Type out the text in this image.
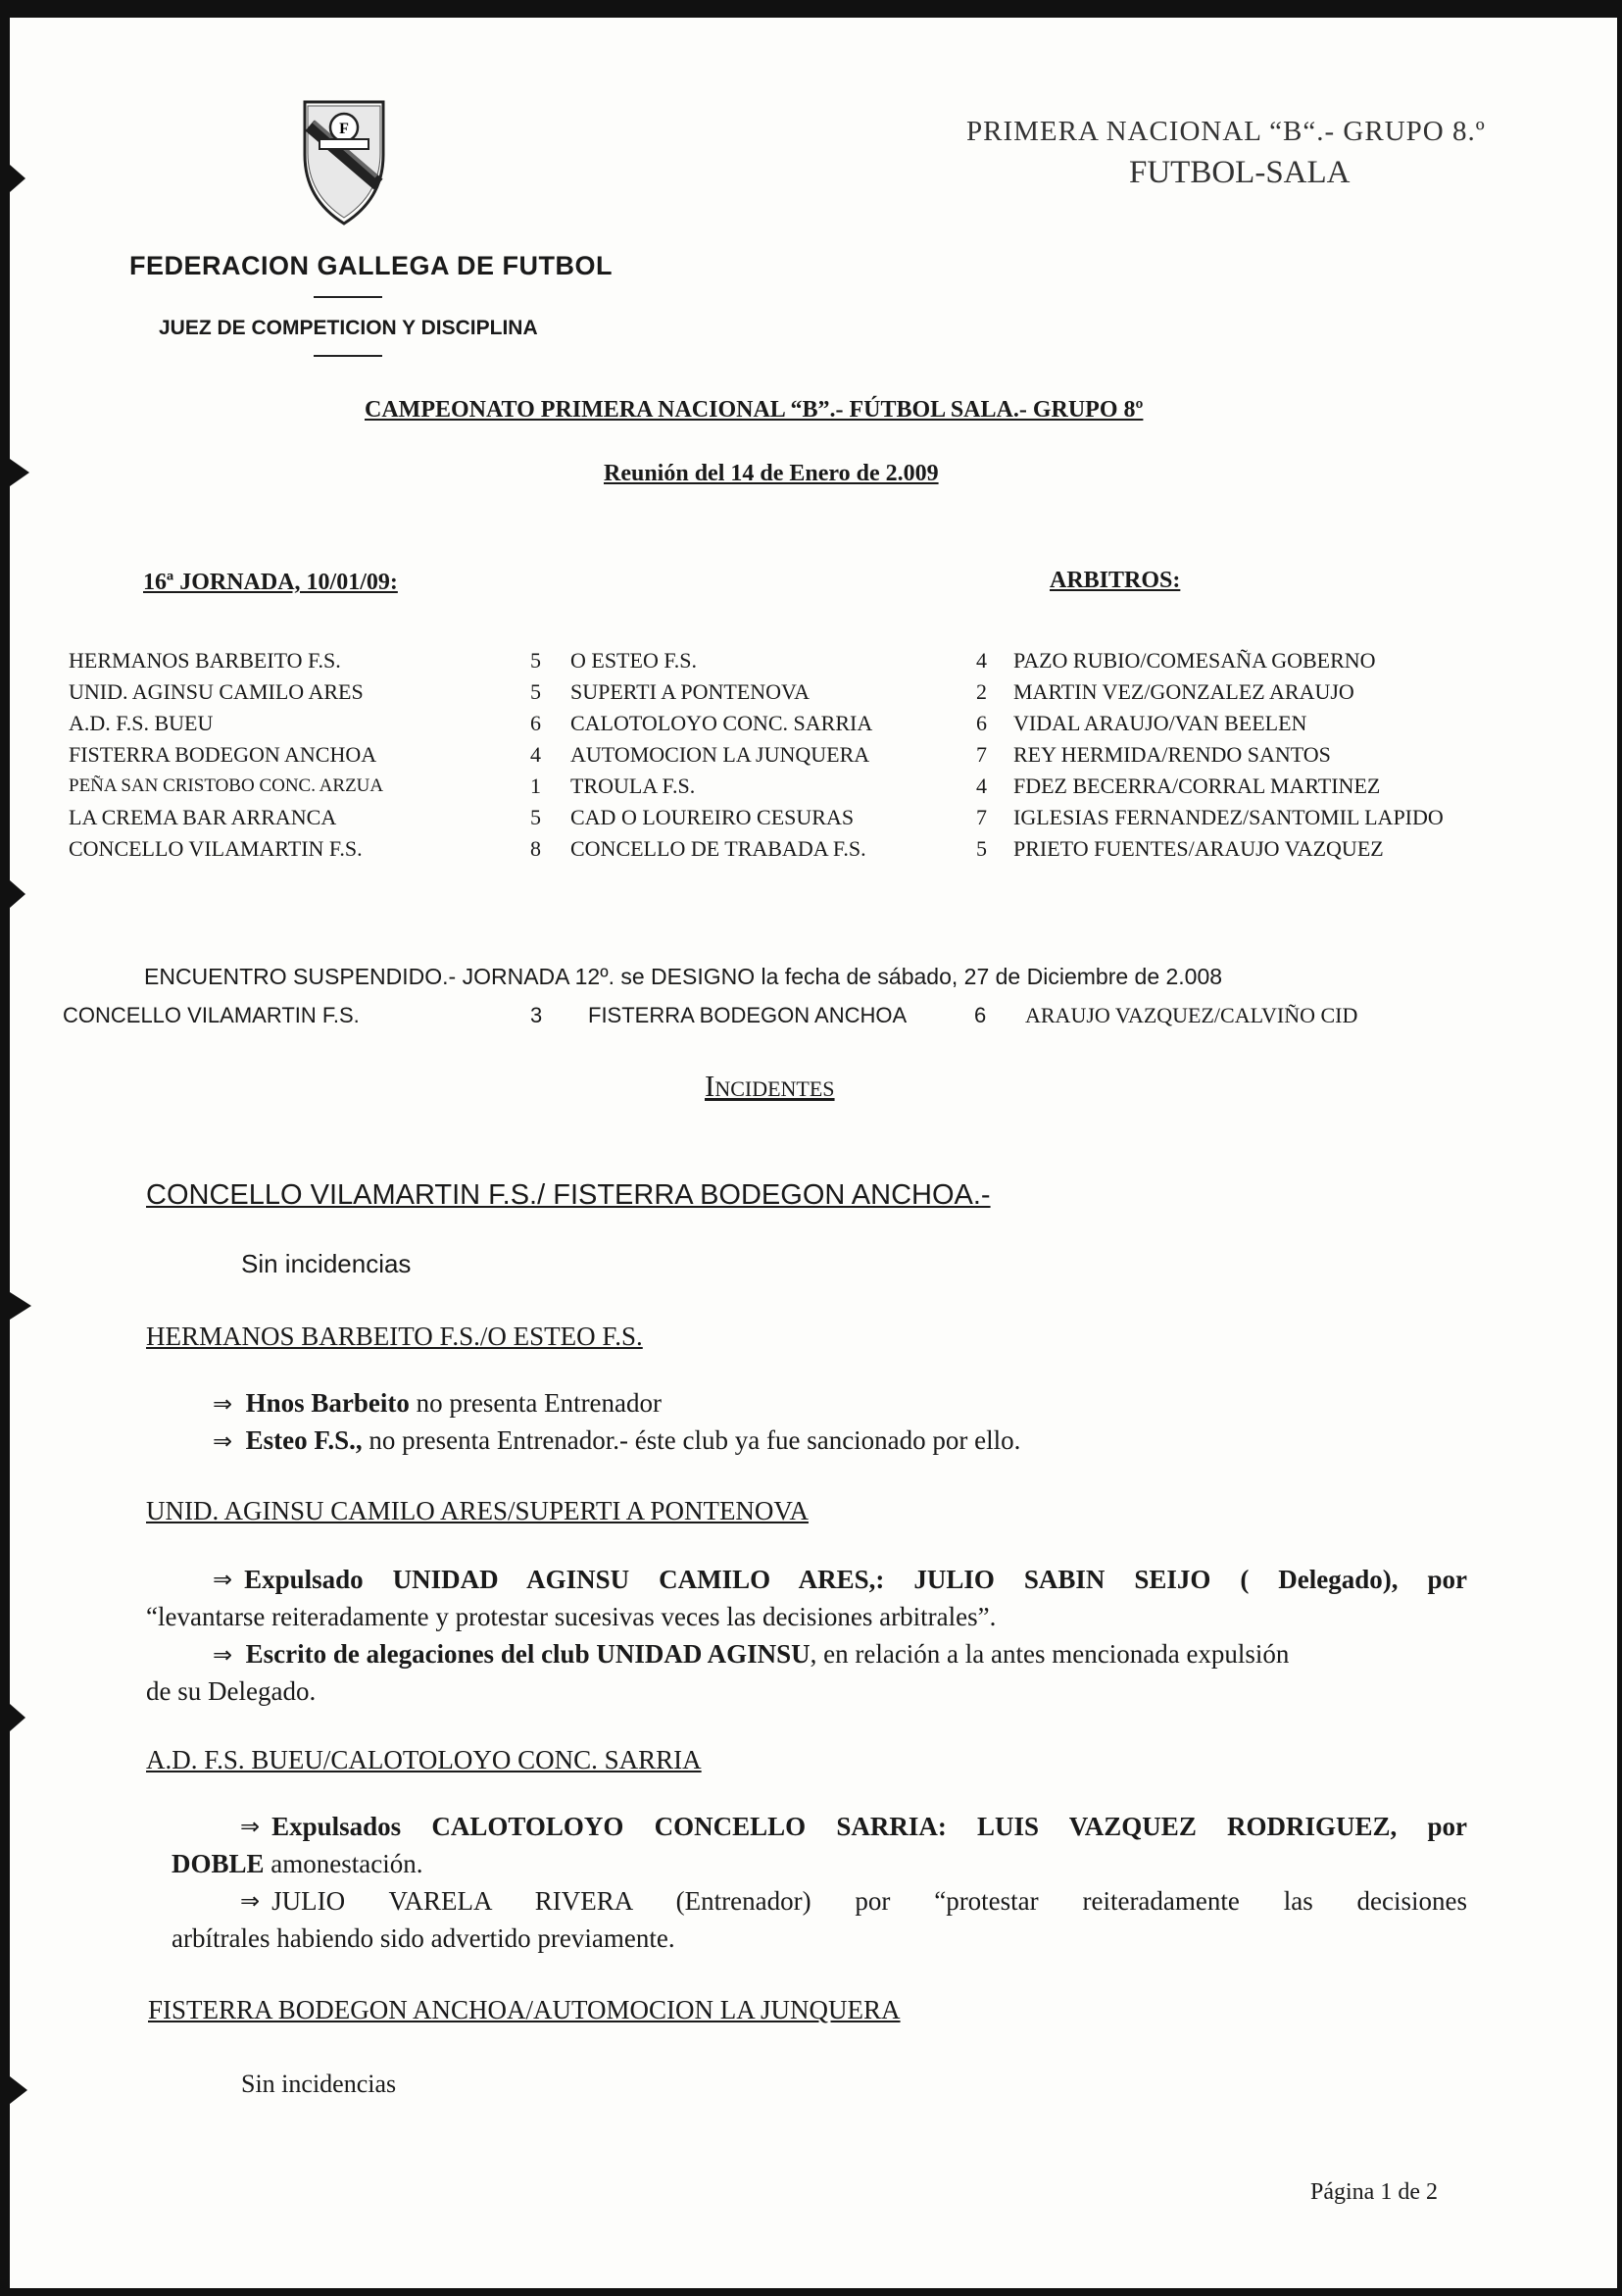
F
FEDERACION GALLEGA DE FUTBOL
JUEZ DE COMPETICION Y DISCIPLINA
PRIMERA NACIONAL “B“.- GRUPO 8.º
FUTBOL-SALA
CAMPEONATO PRIMERA NACIONAL “B”.- FÚTBOL SALA.- GRUPO 8º
Reunión del 14 de Enero de 2.009
16ª JORNADA, 10/01/09:	ARBITROS:
HERMANOS BARBEITO F.S.	5 O ESTEO F.S.	4 PAZO RUBIO/COMESAÑA GOBERNO
UNID. AGINSU CAMILO ARES	5 SUPERTI A PONTENOVA	2 MARTIN VEZ/GONZALEZ ARAUJO
A.D. F.S. BUEU	6 CALOTOLOYO CONC. SARRIA	6 VIDAL ARAUJO/VAN BEELEN
FISTERRA BODEGON ANCHOA	4 AUTOMOCION LA JUNQUERA	7 REY HERMIDA/RENDO SANTOS
PEÑA SAN CRISTOBO CONC. ARZUA	1 TROULA F.S.	4 FDEZ BECERRA/CORRAL MARTINEZ
LA CREMA BAR ARRANCA	5 CAD O LOUREIRO CESURAS	7 IGLESIAS FERNANDEZ/SANTOMIL LAPIDO
CONCELLO VILAMARTIN F.S.	8 CONCELLO DE TRABADA F.S.	5 PRIETO FUENTES/ARAUJO VAZQUEZ
ENCUENTRO SUSPENDIDO.- JORNADA 12º. se DESIGNO la fecha de sábado, 27 de Diciembre de 2.008
CONCELLO VILAMARTIN F.S.	3 FISTERRA BODEGON ANCHOA	6 ARAUJO VAZQUEZ/CALVIÑO CID
Incidentes
CONCELLO VILAMARTIN F.S./ FISTERRA BODEGON ANCHOA.-
Sin incidencias
HERMANOS BARBEITO F.S./O ESTEO F.S.
⇒ Hnos Barbeito no presenta Entrenador
⇒ Esteo F.S., no presenta Entrenador.- éste club ya fue sancionado por ello.
UNID. AGINSU CAMILO ARES/SUPERTI A PONTENOVA
⇒ Expulsado UNIDAD AGINSU CAMILO ARES,: JULIO SABIN SEIJO ( Delegado), por
“levantarse reiteradamente y protestar sucesivas veces las decisiones arbitrales”.
⇒ Escrito de alegaciones del club UNIDAD AGINSU, en relación a la antes mencionada expulsión
de su Delegado.
A.D. F.S. BUEU/CALOTOLOYO CONC. SARRIA
⇒ Expulsados CALOTOLOYO CONCELLO SARRIA: LUIS VAZQUEZ RODRIGUEZ, por
DOBLE amonestación.
⇒ JULIO VARELA RIVERA (Entrenador) por “protestar reiteradamente las decisiones
arbítrales habiendo sido advertido previamente.
FISTERRA BODEGON ANCHOA/AUTOMOCION LA JUNQUERA
Sin incidencias
Página 1 de 2
